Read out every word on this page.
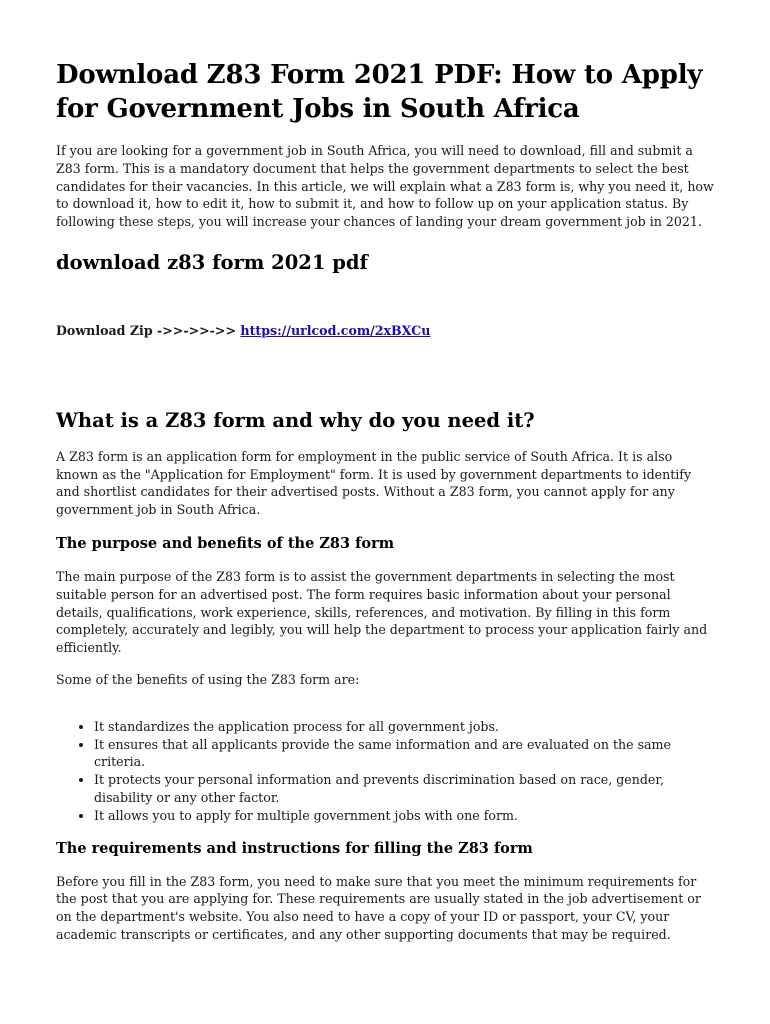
Download Z83 Form 2021 PDF: How to Apply for Government Jobs in South Africa

If you are looking for a government job in South Africa, you will need to download, fill and submit a Z83 form. This is a mandatory document that helps the government departments to select the best candidates for their vacancies. In this article, we will explain what a Z83 form is, why you need it, how to download it, how to edit it, how to submit it, and how to follow up on your application status. By following these steps, you will increase your chances of landing your dream government job in 2021.

download z83 form 2021 pdf

Download Zip ->>->>->> https://urlcod.com/2xBXCu

What is a Z83 form and why do you need it?

A Z83 form is an application form for employment in the public service of South Africa. It is also known as the "Application for Employment" form. It is used by government departments to identify and shortlist candidates for their advertised posts. Without a Z83 form, you cannot apply for any government job in South Africa.

The purpose and benefits of the Z83 form

The main purpose of the Z83 form is to assist the government departments in selecting the most suitable person for an advertised post. The form requires basic information about your personal details, qualifications, work experience, skills, references, and motivation. By filling in this form completely, accurately and legibly, you will help the department to process your application fairly and efficiently.

Some of the benefits of using the Z83 form are:

• It standardizes the application process for all government jobs.
• It ensures that all applicants provide the same information and are evaluated on the same criteria.
• It protects your personal information and prevents discrimination based on race, gender, disability or any other factor.
• It allows you to apply for multiple government jobs with one form.
The requirements and instructions for filling the Z83 form

Before you fill in the Z83 form, you need to make sure that you meet the minimum requirements for the post that you are applying for. These requirements are usually stated in the job advertisement or on the department's website. You also need to have a copy of your ID or passport, your CV, your academic transcripts or certificates, and any other supporting documents that may be required.
